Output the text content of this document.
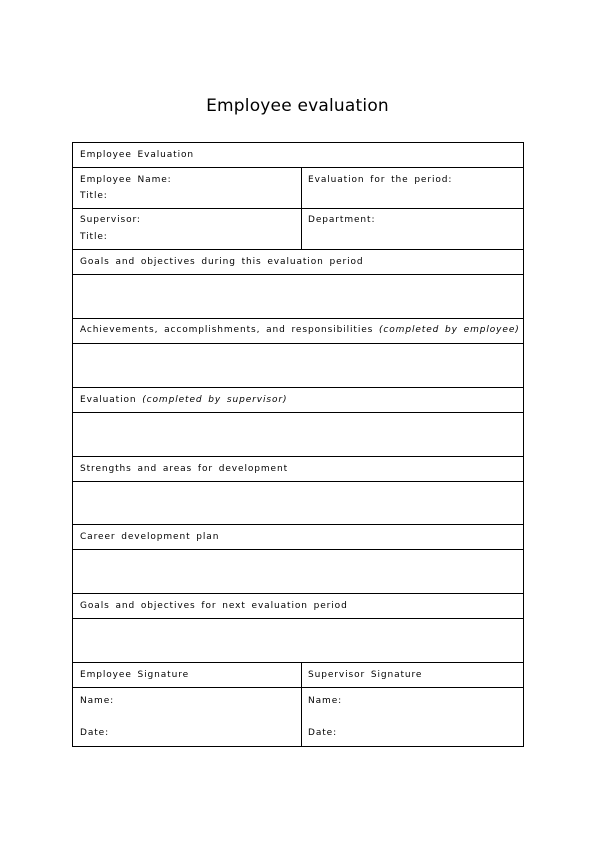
Employee evaluation
Employee Evaluation
Employee Name:
Title:
Evaluation for the period:
Supervisor:
Title:
Department:
Goals and objectives during this evaluation period
Achievements, accomplishments, and responsibilities (completed by employee)
Evaluation (completed by supervisor)
Strengths and areas for development
Career development plan
Goals and objectives for next evaluation period
Employee Signature	Supervisor Signature
Name:
Date:
Name:
Date:
